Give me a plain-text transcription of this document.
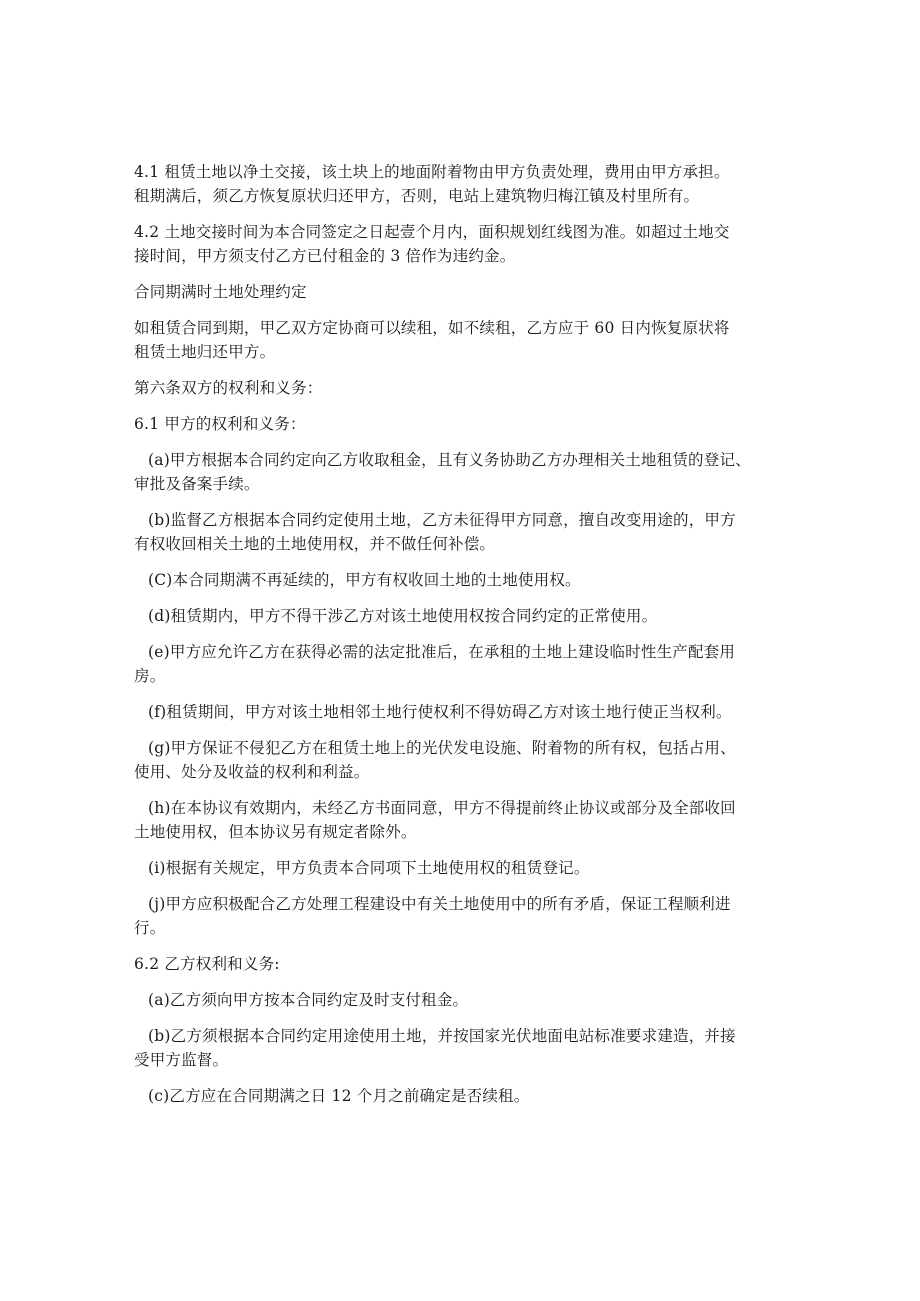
4.1 租赁土地以净土交接，该土块上的地面附着物由甲方负责处理，费用由甲方承担。
租期满后，须乙方恢复原状归还甲方，否则，电站上建筑物归梅江镇及村里所有。

4.2 土地交接时间为本合同签定之日起壹个月内，面积规划红线图为准。如超过土地交
接时间，甲方须支付乙方已付租金的 3 倍作为违约金。

合同期满时土地处理约定

如租赁合同到期，甲乙双方定协商可以续租，如不续租，乙方应于 60 日内恢复原状将
租赁土地归还甲方。

第六条双方的权利和义务：

6.1 甲方的权利和义务：

(a)甲方根据本合同约定向乙方收取租金，且有义务协助乙方办理相关土地租赁的登记、
审批及备案手续。

(b)监督乙方根据本合同约定使用土地，乙方未征得甲方同意，擅自改变用途的，甲方
有权收回相关土地的土地使用权，并不做任何补偿。

(C)本合同期满不再延续的，甲方有权收回土地的土地使用权。

(d)租赁期内，甲方不得干涉乙方对该土地使用权按合同约定的正常使用。

(e)甲方应允许乙方在获得必需的法定批准后，在承租的土地上建设临时性生产配套用
房。

(f)租赁期间，甲方对该土地相邻土地行使权利不得妨碍乙方对该土地行使正当权利。

(g)甲方保证不侵犯乙方在租赁土地上的光伏发电设施、附着物的所有权，包括占用、
使用、处分及收益的权利和利益。

(h)在本协议有效期内，未经乙方书面同意，甲方不得提前终止协议或部分及全部收回
土地使用权，但本协议另有规定者除外。

(i)根据有关规定，甲方负责本合同项下土地使用权的租赁登记。

(j)甲方应积极配合乙方处理工程建设中有关土地使用中的所有矛盾，保证工程顺利进
行。

6.2 乙方权利和义务:

(a)乙方须向甲方按本合同约定及时支付租金。

(b)乙方须根据本合同约定用途使用土地，并按国家光伏地面电站标准要求建造，并接
受甲方监督。

(c)乙方应在合同期满之日 12 个月之前确定是否续租。
